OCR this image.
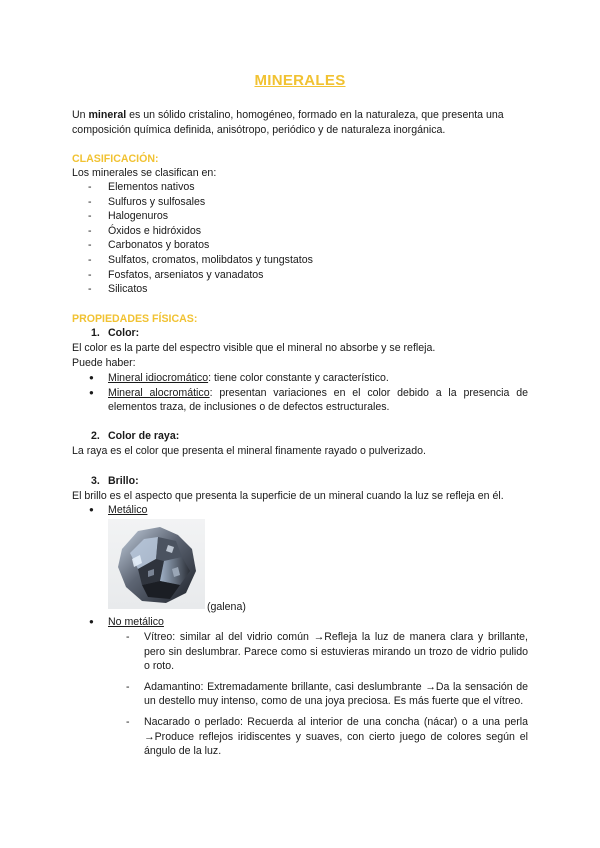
MINERALES

Un mineral es un sólido cristalino, homogéneo, formado en la naturaleza, que presenta una composición química definida, anisótropo, periódico y de naturaleza inorgánica.

CLASIFICACIÓN:
Los minerales se clasifican en:
- Elementos nativos
- Sulfuros y sulfosales
- Halogenuros
- Óxidos e hidróxidos
- Carbonatos y boratos
- Sulfatos, cromatos, molibdatos y tungstatos
- Fosfatos, arseniatos y vanadatos
- Silicatos
PROPIEDADES FÍSICAS:
1. Color:
El color es la parte del espectro visible que el mineral no absorbe y se refleja.
Puede haber:
● Mineral idiocromático: tiene color constante y característico.
● Mineral alocromático: presentan variaciones en el color debido a la presencia de elementos traza, de inclusiones o de defectos estructurales.
2. Color de raya:
La raya es el color que presenta el mineral finamente rayado o pulverizado.
3. Brillo:
El brillo es el aspecto que presenta la superficie de un mineral cuando la luz se refleja en él.
● Metálico
(galena)
● No metálico
- Vítreo: similar al del vidrio común →Refleja la luz de manera clara y brillante, pero sin deslumbrar. Parece como si estuvieras mirando un trozo de vidrio pulido o roto.
- Adamantino: Extremadamente brillante, casi deslumbrante →Da la sensación de un destello muy intenso, como de una joya preciosa. Es más fuerte que el vítreo.
- Nacarado o perlado: Recuerda al interior de una concha (nácar) o a una perla →Produce reflejos iridiscentes y suaves, con cierto juego de colores según el ángulo de la luz.
